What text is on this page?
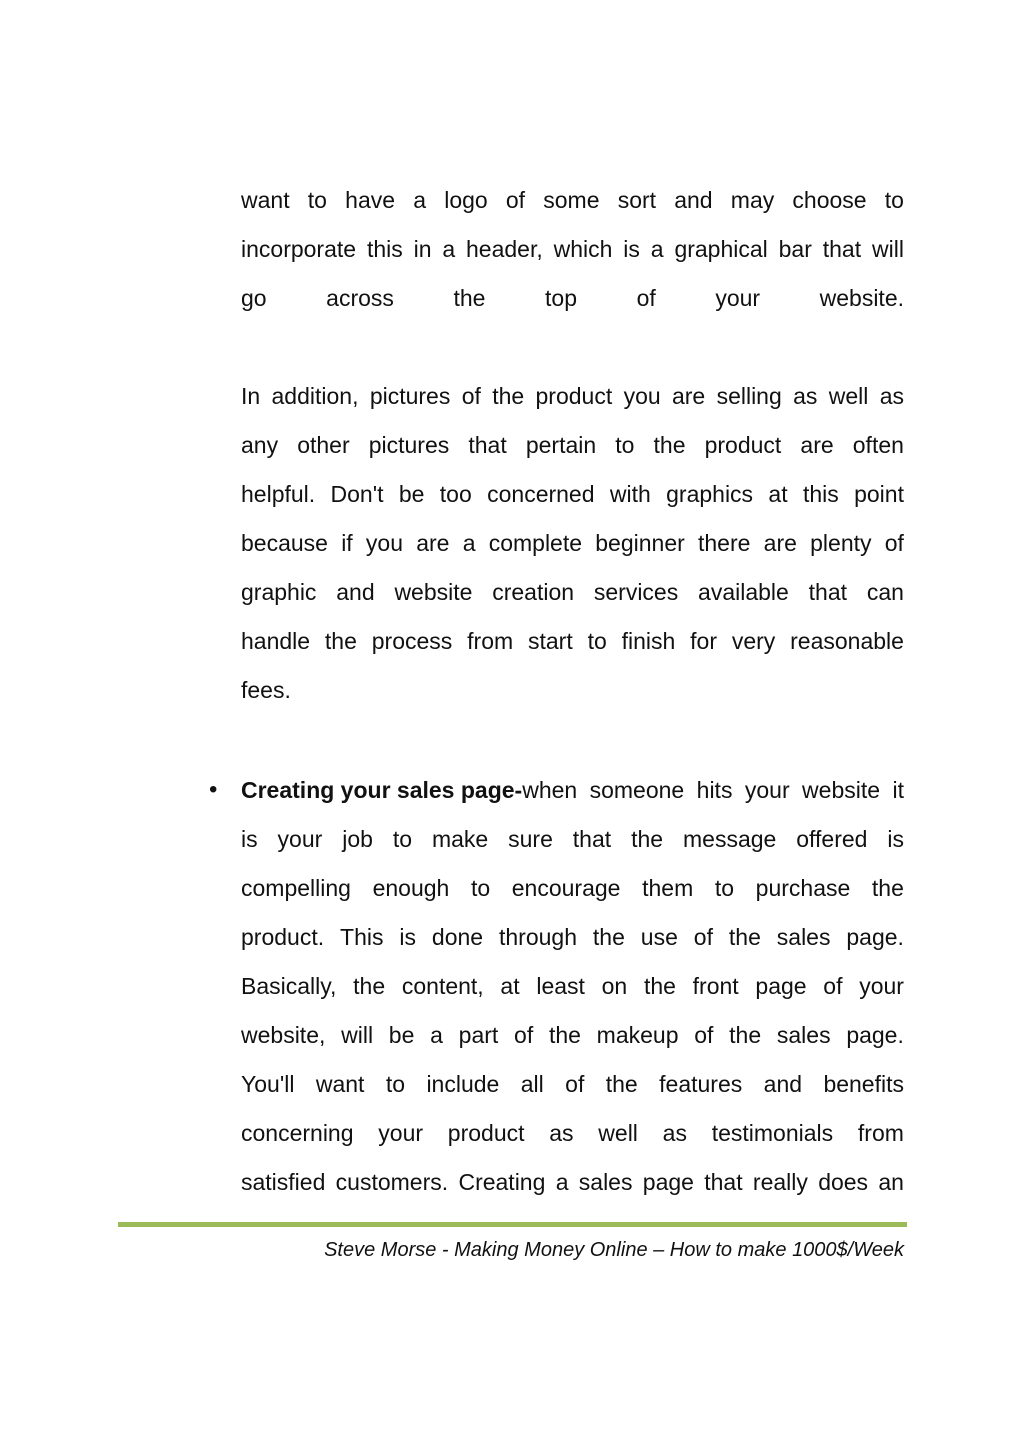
want to have a logo of some sort and may choose to
incorporate this in a header, which is a graphical bar that will
go	across	the	top	of	your	website.
In addition, pictures of the product you are selling as well as
any other pictures that pertain to the product are often
helpful. Don't be too concerned with graphics at this point
because if you are a complete beginner there are plenty of
graphic and website creation services available that can
handle the process from start to finish for very reasonable
fees.
• Creating your sales page- when someone hits your website it
is your job to make sure that the message offered is
compelling enough to encourage them to purchase the
product. This is done through the use of the sales page.
Basically, the content, at least on the front page of your
website, will be a part of the makeup of the sales page.
You'll want to include all of the features and benefits
concerning your product as well as testimonials from
satisfied customers. Creating a sales page that really does an
Steve Morse - Making Money Online – How to make 1000$/Week
